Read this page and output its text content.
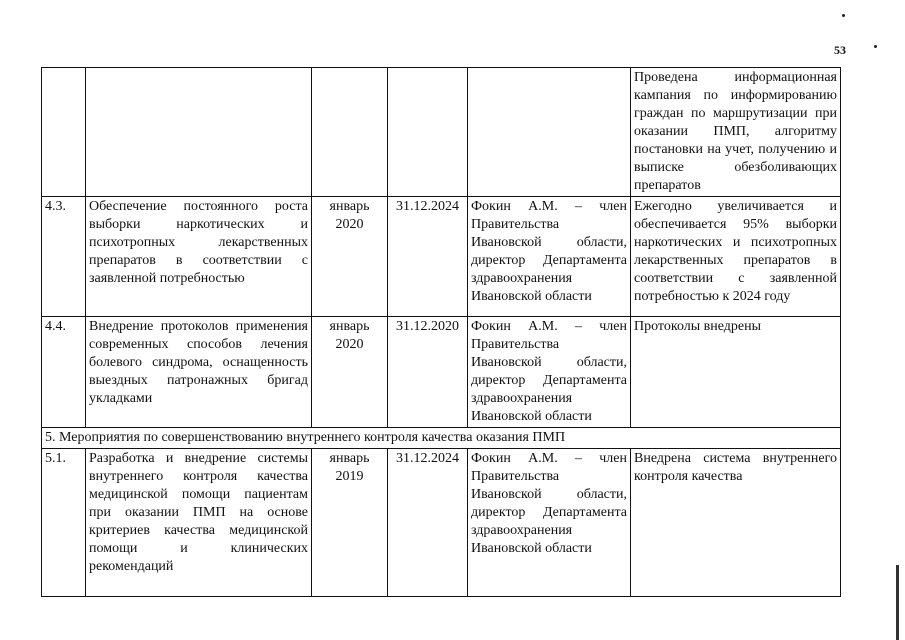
53
					Проведена информационная кампания по информированию граждан по маршрутизации при оказании ПМП, алгоритму постановки на учет, получению и выписке обезболивающих препаратов
4.3.	Обеспечение постоянного роста выборки наркотических и психотропных лекарственных препаратов в соответствии с заявленной потребностью	январь 2020	31.12.2024	Фокин А.М. – член Правительства Ивановской области, директор Департамента здравоохранения Ивановской области	Ежегодно увеличивается и обеспечивается 95% выборки наркотических и психотропных лекарственных препаратов в соответствии с заявленной потребностью к 2024 году
4.4.	Внедрение протоколов применения современных способов лечения болевого синдрома, оснащенность выездных патронажных бригад укладками	январь 2020	31.12.2020	Фокин А.М. – член Правительства Ивановской области, директор Департамента здравоохранения Ивановской области	Протоколы внедрены
5. Мероприятия по совершенствованию внутреннего контроля качества оказания ПМП					
5.1.	Разработка и внедрение системы внутреннего контроля качества медицинской помощи пациентам при оказании ПМП на основе критериев качества медицинской помощи и клинических рекомендаций	январь 2019	31.12.2024	Фокин А.М. – член Правительства Ивановской области, директор Департамента здравоохранения Ивановской области	Внедрена система внутреннего контроля качества
